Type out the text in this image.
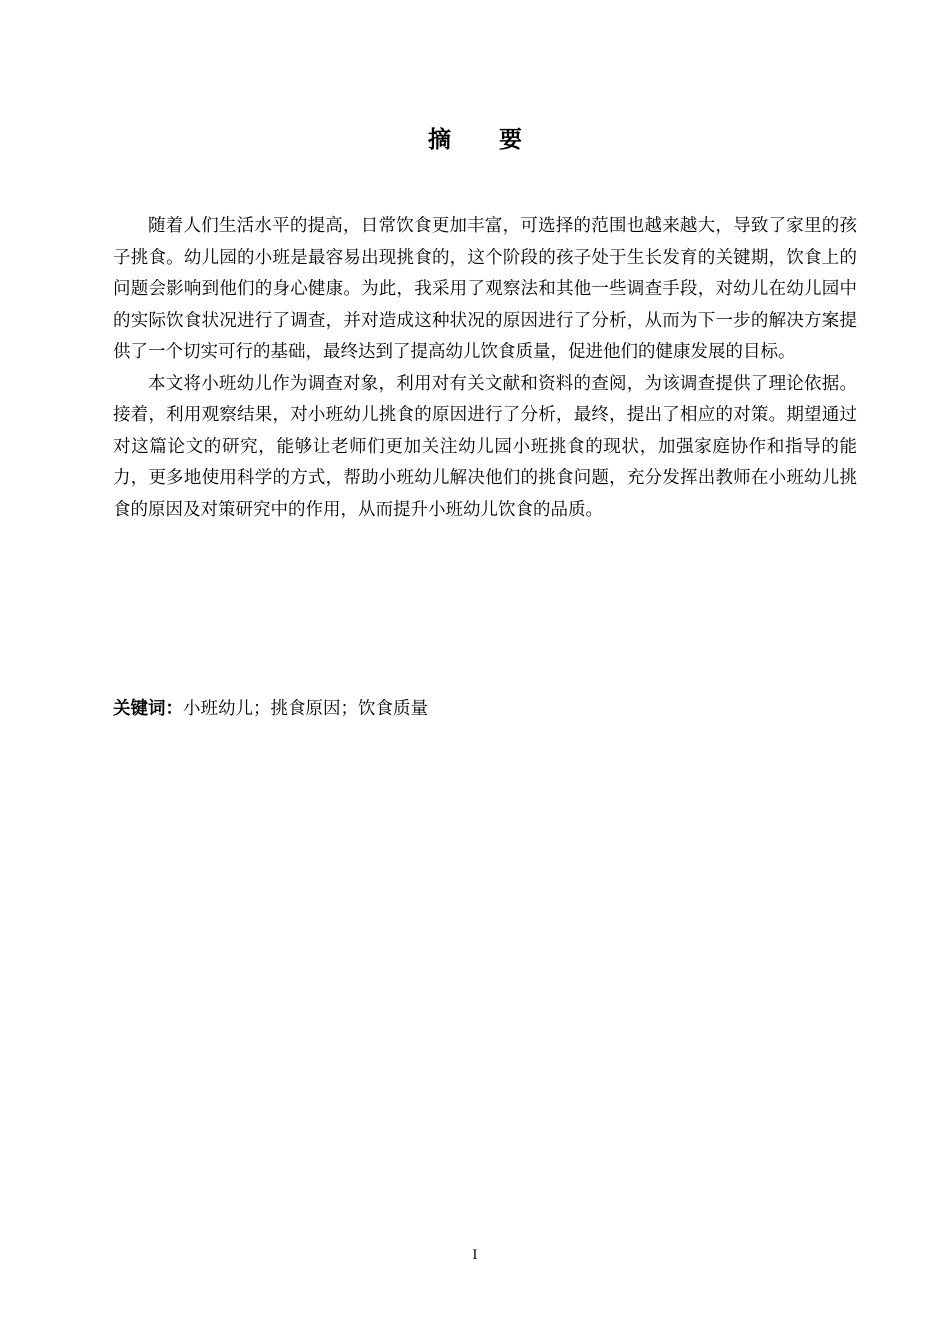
摘 要

随着人们生活水平的提高，日常饮食更加丰富，可选择的范围也越来越大，导致了家里的孩子挑食。幼儿园的小班是最容易出现挑食的，这个阶段的孩子处于生长发育的关键期，饮食上的问题会影响到他们的身心健康。为此，我采用了观察法和其他一些调查手段，对幼儿在幼儿园中的实际饮食状况进行了调查，并对造成这种状况的原因进行了分析，从而为下一步的解决方案提供了一个切实可行的基础，最终达到了提高幼儿饮食质量，促进他们的健康发展的目标。

本文将小班幼儿作为调查对象，利用对有关文献和资料的查阅，为该调查提供了理论依据。接着，利用观察结果，对小班幼儿挑食的原因进行了分析，最终，提出了相应的对策。期望通过对这篇论文的研究，能够让老师们更加关注幼儿园小班挑食的现状，加强家庭协作和指导的能力，更多地使用科学的方式，帮助小班幼儿解决他们的挑食问题，充分发挥出教师在小班幼儿挑食的原因及对策研究中的作用，从而提升小班幼儿饮食的品质。

关键词：小班幼儿；挑食原因；饮食质量
I
